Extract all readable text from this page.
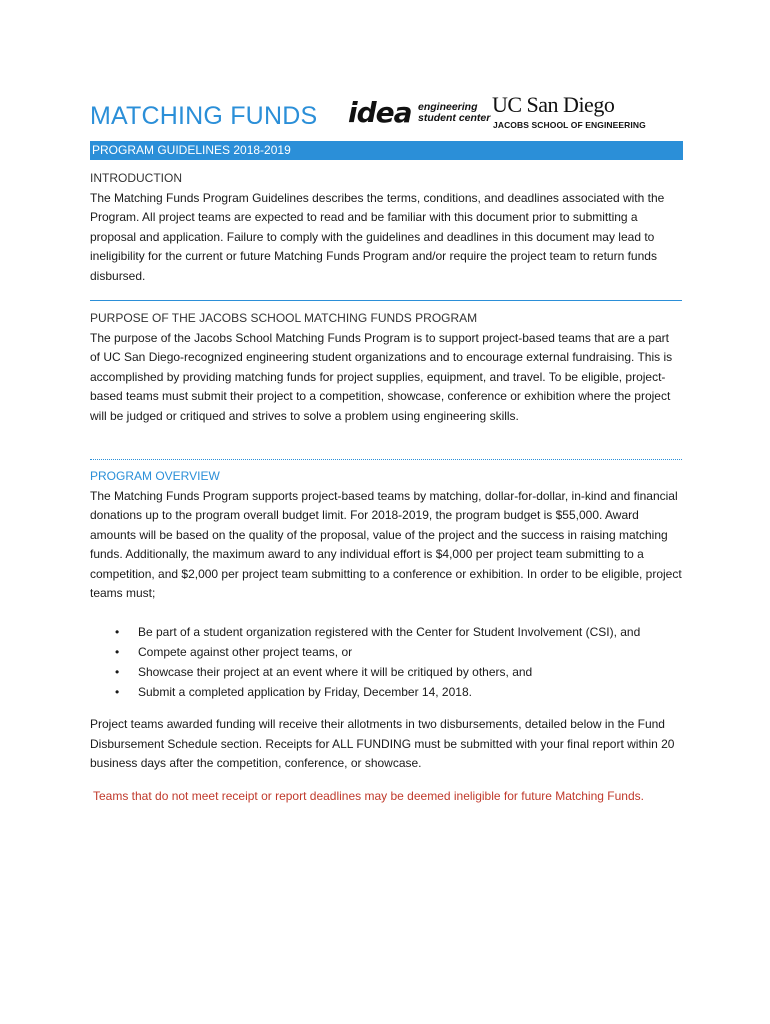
MATCHING FUNDS idea engineering
student center
UC San Diego
JACOBS SCHOOL OF ENGINEERING
PROGRAM GUIDELINES 2018-2019
INTRODUCTION

The Matching Funds Program Guidelines describes the terms, conditions, and deadlines associated with the Program. All project teams are expected to read and be familiar with this document prior to submitting a proposal and application. Failure to comply with the guidelines and deadlines in this document may lead to ineligibility for the current or future Matching Funds Program and/or require the project team to return funds disbursed.

PURPOSE OF THE JACOBS SCHOOL MATCHING FUNDS PROGRAM

The purpose of the Jacobs School Matching Funds Program is to support project-based teams that are a part of UC San Diego-recognized engineering student organizations and to encourage external fundraising. This is accomplished by providing matching funds for project supplies, equipment, and travel. To be eligible, project-based teams must submit their project to a competition, showcase, conference or exhibition where the project will be judged or critiqued and strives to solve a problem using engineering skills.

PROGRAM OVERVIEW

The Matching Funds Program supports project-based teams by matching, dollar-for-dollar, in-kind and financial donations up to the program overall budget limit. For 2018-2019, the program budget is $55,000. Award amounts will be based on the quality of the proposal, value of the project and the success in raising matching funds. Additionally, the maximum award to any individual effort is $4,000 per project team submitting to a competition, and $2,000 per project team submitting to a conference or exhibition. In order to be eligible, project teams must;

• Be part of a student organization registered with the Center for Student Involvement (CSI), and
• Compete against other project teams, or
• Showcase their project at an event where it will be critiqued by others, and
• Submit a completed application by Friday, December 14, 2018.

Project teams awarded funding will receive their allotments in two disbursements, detailed below in the Fund Disbursement Schedule section. Receipts for ALL FUNDING must be submitted with your final report within 20 business days after the competition, conference, or showcase.

Teams that do not meet receipt or report deadlines may be deemed ineligible for future Matching Funds.
